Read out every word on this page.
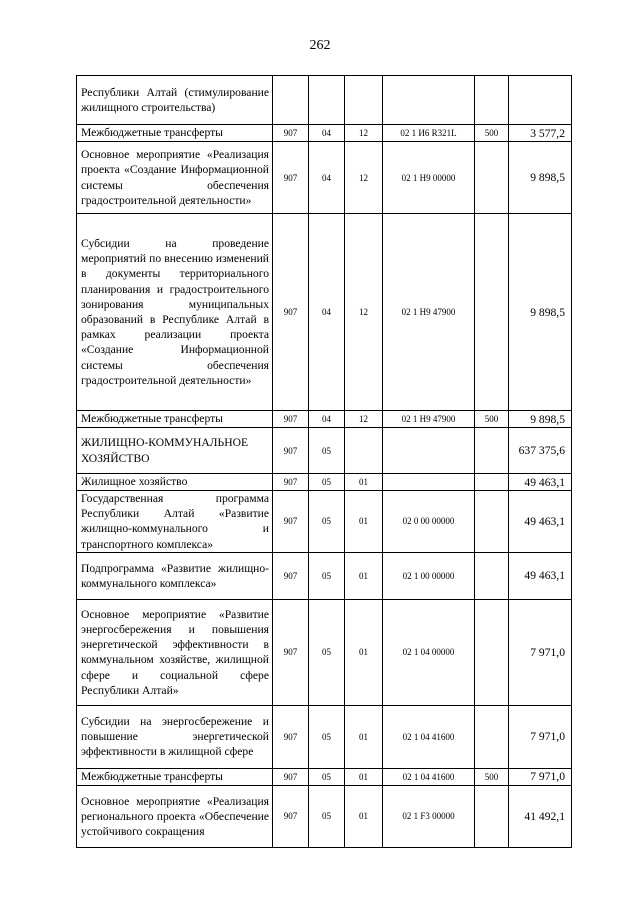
262
Республики Алтай (стимулирование жилищного строительства)						
Межбюджетные трансферты	907	04	12	02 1 И6 R321L	500	3 577,2
Основное мероприятие «Реализация проекта «Создание Информационной системы обеспечения градостроительной деятельности»	907	04	12	02 1 Н9 00000		9 898,5
Субсидии на проведение мероприятий по внесению изменений в документы территориального планирования и градостроительного зонирования муниципальных образований в Республике Алтай в рамках реализации проекта «Создание Информационной системы обеспечения градостроительной деятельности»	907	04	12	02 1 Н9 47900		9 898,5
Межбюджетные трансферты	907	04	12	02 1 Н9 47900	500	9 898,5
ЖИЛИЩНО-КОММУНАЛЬНОЕ ХОЗЯЙСТВО	907	05				637 375,6
Жилищное хозяйство	907	05	01			49 463,1
Государственная программа Республики Алтай «Развитие жилищно-коммунального и транспортного комплекса»	907	05	01	02 0 00 00000		49 463,1
Подпрограмма «Развитие жилищно-коммунального комплекса»	907	05	01	02 1 00 00000		49 463,1
Основное мероприятие «Развитие энергосбережения и повышения энергетической эффективности в коммунальном хозяйстве, жилищной сфере и социальной сфере Республики Алтай»	907	05	01	02 1 04 00000		7 971,0
Субсидии на энергосбережение и повышение энергетической эффективности в жилищной сфере	907	05	01	02 1 04 41600		7 971,0
Межбюджетные трансферты	907	05	01	02 1 04 41600	500	7 971,0
Основное мероприятие «Реализация регионального проекта «Обеспечение устойчивого сокращения	907	05	01	02 1 F3 00000		41 492,1
